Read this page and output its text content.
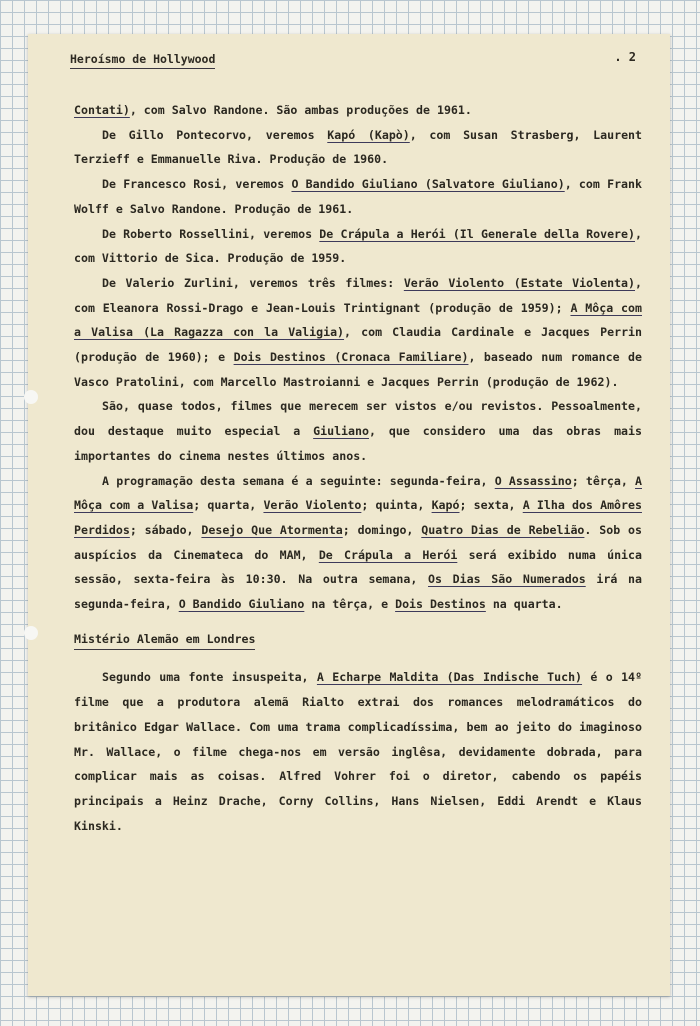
Heroísmo de Hollywood	. 2

Contati), com Salvo Randone. São ambas produções de 1961.

De Gillo Pontecorvo, veremos Kapó (Kapò), com Susan Strasberg, Laurent Terzieff e Emmanuelle Riva. Produção de 1960.

De Francesco Rosi, veremos O Bandido Giuliano (Salvatore Giuliano), com Frank Wolff e Salvo Randone. Produção de 1961.

De Roberto Rossellini, veremos De Crápula a Herói (Il Generale della Rovere), com Vittorio de Sica. Produção de 1959.

De Valerio Zurlini, veremos três filmes: Verão Violento (Estate Violenta), com Eleanora Rossi-Drago e Jean-Louis Trintignant (produção de 1959); A Môça com a Valisa (La Ragazza con la Valigia), com Claudia Cardinale e Jacques Perrin (produção de 1960); e Dois Destinos (Cronaca Familiare), baseado num romance de Vasco Pratolini, com Marcello Mastroianni e Jacques Perrin (produção de 1962).

São, quase todos, filmes que merecem ser vistos e/ou revistos. Pessoalmente, dou destaque muito especial a Giuliano, que considero uma das obras mais importantes do cinema nestes últimos anos.

A programação desta semana é a seguinte: segunda-feira, O Assassino; têrça, A Môça com a Valisa; quarta, Verão Violento; quinta, Kapó; sexta, A Ilha dos Amôres Perdidos; sábado, Desejo Que Atormenta; domingo, Quatro Dias de Rebelião. Sob os auspícios da Cinemateca do MAM, De Crápula a Herói será exibido numa única sessão, sexta-feira às 10:30. Na outra semana, Os Dias São Numerados irá na segunda-feira, O Bandido Giuliano na têrça, e Dois Destinos na quarta.

Mistério Alemão em Londres

Segundo uma fonte insuspeita, A Echarpe Maldita (Das Indische Tuch) é o 14º filme que a produtora alemã Rialto extrai dos romances melodramáticos do britânico Edgar Wallace. Com uma trama complicadíssima, bem ao jeito do imaginoso Mr. Wallace, o filme chega-nos em versão inglêsa, devidamente dobrada, para complicar mais as coisas. Alfred Vohrer foi o diretor, cabendo os papéis principais a Heinz Drache, Corny Collins, Hans Nielsen, Eddi Arendt e Klaus Kinski.
